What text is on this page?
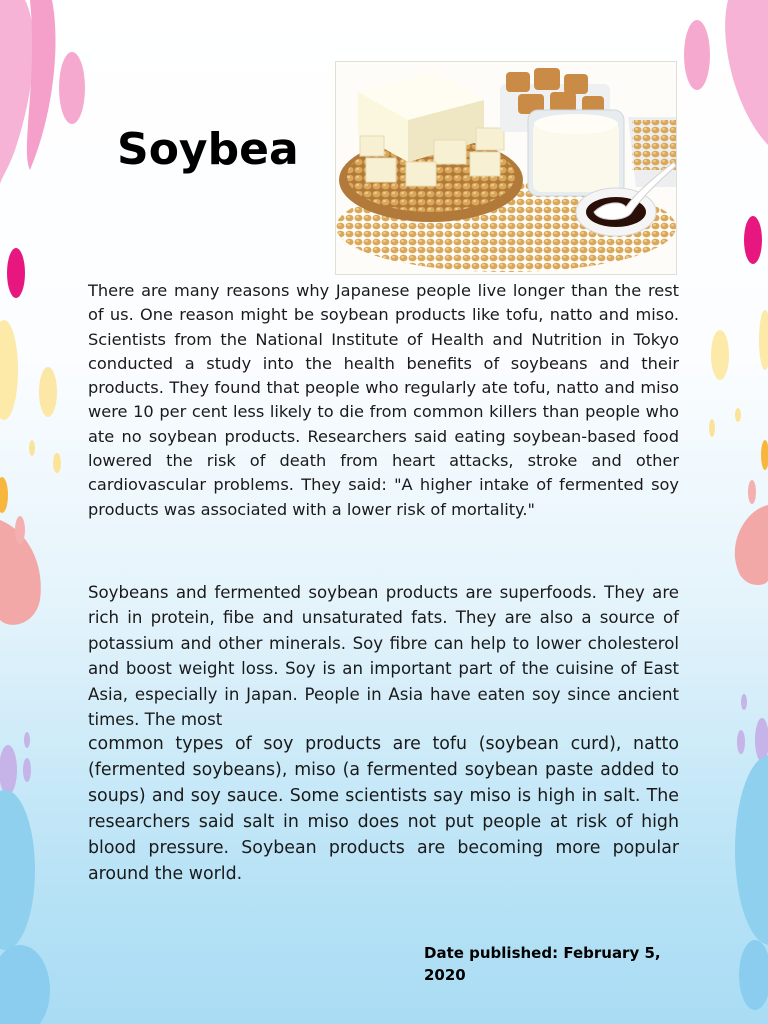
Soybea

There are many reasons why Japanese people live longer than the rest of us. One reason might be soybean products like tofu, natto and miso. Scientists from the National Institute of Health and Nutrition in Tokyo conducted a study into the health benefits of soybeans and their products. They found that people who regularly ate tofu, natto and miso were 10 per cent less likely to die from common killers than people who ate no soybean products. Researchers said eating soybean-based food lowered the risk of death from heart attacks, stroke and other cardiovascular problems. They said: "A higher intake of fermented soy products was associated with a lower risk of mortality."

Soybeans and fermented soybean products are superfoods. They are rich in protein, fibe and unsaturated fats. They are also a source of potassium and other minerals. Soy fibre can help to lower cholesterol and boost weight loss. Soy is an important part of the cuisine of East Asia, especially in Japan. People in Asia have eaten soy since ancient times. The most

common types of soy products are tofu (soybean curd), natto (fermented soybeans), miso (a fermented soybean paste added to soups) and soy sauce. Some scientists say miso is high in salt. The researchers said salt in miso does not put people at risk of high blood pressure. Soybean products are becoming more popular around the world.

Date published: February 5, 2020
